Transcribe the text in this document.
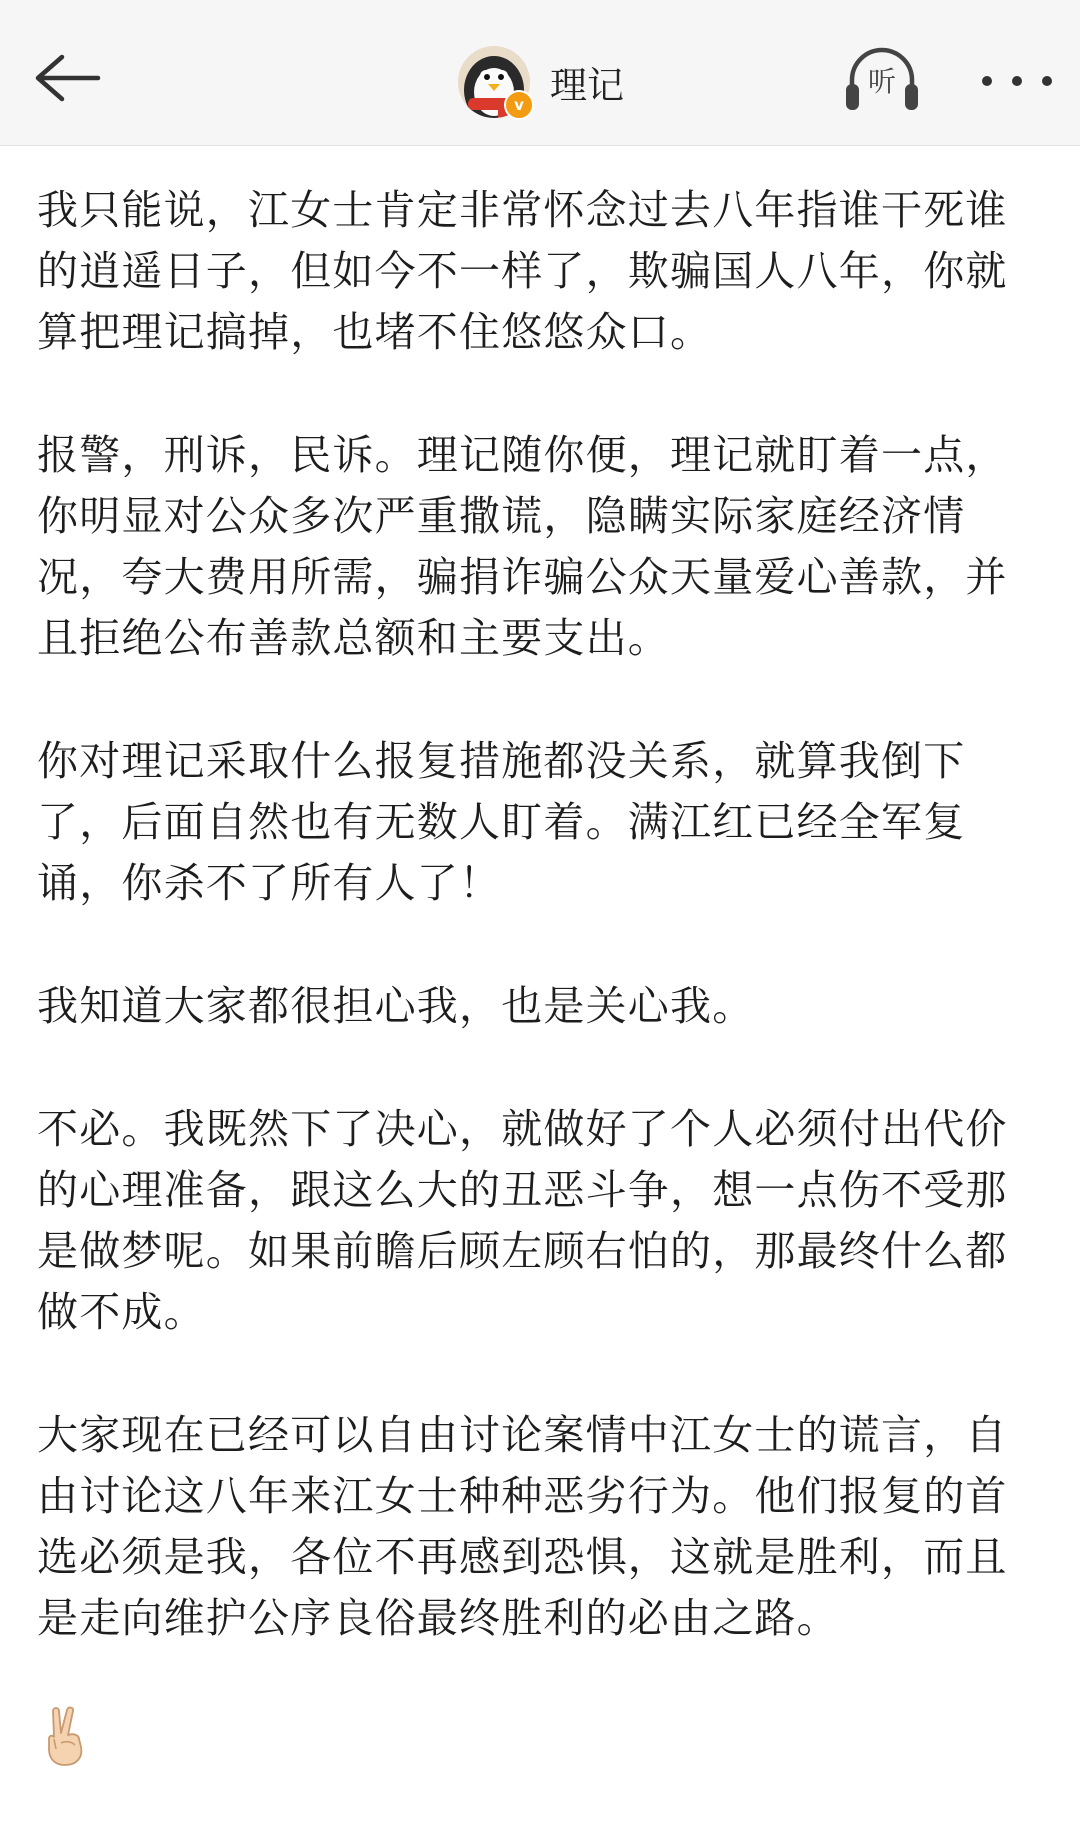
v 理记	听

我只能说，江女士肯定非常怀念过去八年指谁干死谁的逍遥日子，但如今不一样了，欺骗国人八年，你就算把理记搞掉，也堵不住悠悠众口。

报警，刑诉，民诉。理记随你便，理记就盯着一点，你明显对公众多次严重撒谎，隐瞒实际家庭经济情况，夸大费用所需，骗捐诈骗公众天量爱心善款，并且拒绝公布善款总额和主要支出。

你对理记采取什么报复措施都没关系，就算我倒下了，后面自然也有无数人盯着。满江红已经全军复诵，你杀不了所有人了！

我知道大家都很担心我，也是关心我。

不必。我既然下了决心，就做好了个人必须付出代价的心理准备，跟这么大的丑恶斗争，想一点伤不受那是做梦呢。如果前瞻后顾左顾右怕的，那最终什么都做不成。

大家现在已经可以自由讨论案情中江女士的谎言，自由讨论这八年来江女士种种恶劣行为。他们报复的首选必须是我，各位不再感到恐惧，这就是胜利，而且是走向维护公序良俗最终胜利的必由之路。
